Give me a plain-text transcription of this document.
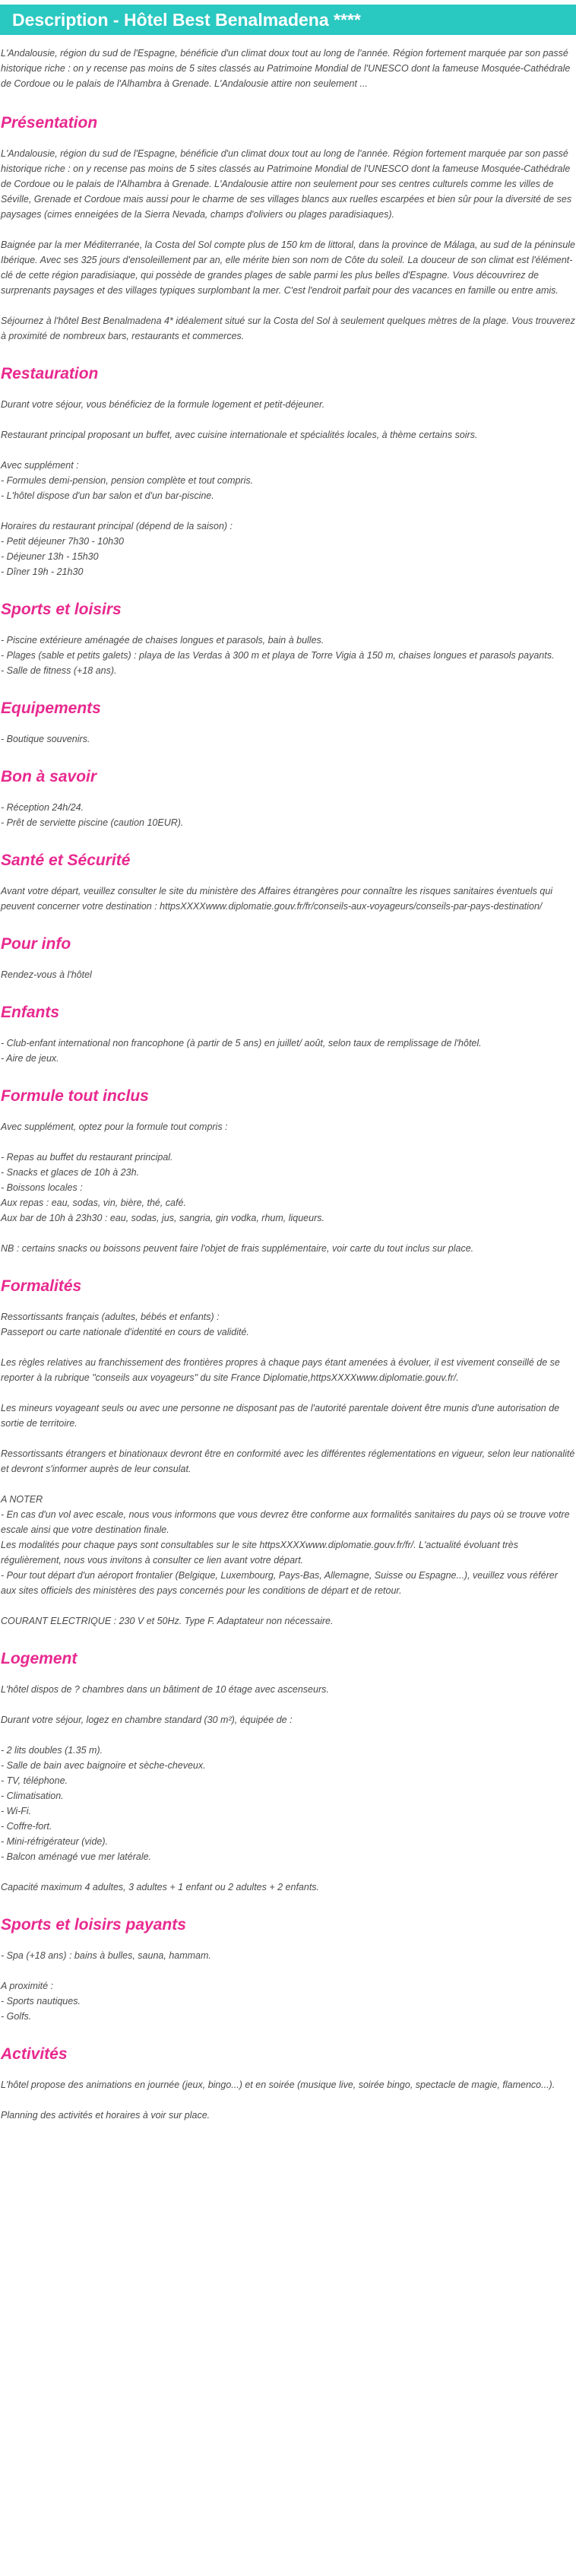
Description - Hôtel Best Benalmadena ****

L'Andalousie, région du sud de l'Espagne, bénéficie d'un climat doux tout au long de l'année. Région fortement marquée par son passé historique riche : on y recense pas moins de 5 sites classés au Patrimoine Mondial de l'UNESCO dont la fameuse Mosquée-Cathédrale de Cordoue ou le palais de l'Alhambra à Grenade. L'Andalousie attire non seulement ...

Présentation

L'Andalousie, région du sud de l'Espagne, bénéficie d'un climat doux tout au long de l'année. Région fortement marquée par son passé historique riche : on y recense pas moins de 5 sites classés au Patrimoine Mondial de l'UNESCO dont la fameuse Mosquée-Cathédrale de Cordoue ou le palais de l'Alhambra à Grenade. L'Andalousie attire non seulement pour ses centres culturels comme les villes de Séville, Grenade et Cordoue mais aussi pour le charme de ses villages blancs aux ruelles escarpées et bien sûr pour la diversité de ses paysages (cimes enneigées de la Sierra Nevada, champs d'oliviers ou plages paradisiaques).

Baignée par la mer Méditerranée, la Costa del Sol compte plus de 150 km de littoral, dans la province de Málaga, au sud de la péninsule Ibérique. Avec ses 325 jours d'ensoleillement par an, elle mérite bien son nom de Côte du soleil. La douceur de son climat est l'élément-clé de cette région paradisiaque, qui possède de grandes plages de sable parmi les plus belles d'Espagne. Vous découvrirez de surprenants paysages et des villages typiques surplombant la mer. C'est l'endroit parfait pour des vacances en famille ou entre amis.

Séjournez à l'hôtel Best Benalmadena 4* idéalement situé sur la Costa del Sol à seulement quelques mètres de la plage. Vous trouverez à proximité de nombreux bars, restaurants et commerces.

Restauration

Durant votre séjour, vous bénéficiez de la formule logement et petit-déjeuner.

Restaurant principal proposant un buffet, avec cuisine internationale et spécialités locales, à thème certains soirs.

Avec supplément :
- Formules demi-pension, pension complète et tout compris.
- L'hôtel dispose d'un bar salon et d'un bar-piscine.

Horaires du restaurant principal (dépend de la saison) :
- Petit déjeuner 7h30 - 10h30
- Déjeuner 13h - 15h30
- Dîner 19h - 21h30

Sports et loisirs

- Piscine extérieure aménagée de chaises longues et parasols, bain à bulles.
- Plages (sable et petits galets) : playa de las Verdas à 300 m et playa de Torre Vigia à 150 m, chaises longues et parasols payants.
- Salle de fitness (+18 ans).

Equipements

- Boutique souvenirs.

Bon à savoir

- Réception 24h/24.
- Prêt de serviette piscine (caution 10EUR).

Santé et Sécurité

Avant votre départ, veuillez consulter le site du ministère des Affaires étrangères pour connaître les risques sanitaires éventuels qui peuvent concerner votre destination : httpsXXXXwww.diplomatie.gouv.fr/fr/conseils-aux-voyageurs/conseils-par-pays-destination/

Pour info

Rendez-vous à l'hôtel

Enfants

- Club-enfant international non francophone (à partir de 5 ans) en juillet/ août, selon taux de remplissage de l'hôtel.
- Aire de jeux.

Formule tout inclus

Avec supplément, optez pour la formule tout compris :

- Repas au buffet du restaurant principal.
- Snacks et glaces de 10h à 23h.
- Boissons locales :
Aux repas : eau, sodas, vin, bière, thé, café.
Aux bar de 10h à 23h30 : eau, sodas, jus, sangria, gin vodka, rhum, liqueurs.

NB : certains snacks ou boissons peuvent faire l'objet de frais supplémentaire, voir carte du tout inclus sur place.

Formalités

Ressortissants français (adultes, bébés et enfants) :
Passeport ou carte nationale d'identité en cours de validité.

Les règles relatives au franchissement des frontières propres à chaque pays étant amenées à évoluer, il est vivement conseillé de se reporter à la rubrique "conseils aux voyageurs" du site France Diplomatie,httpsXXXXwww.diplomatie.gouv.fr/.

Les mineurs voyageant seuls ou avec une personne ne disposant pas de l'autorité parentale doivent être munis d'une autorisation de sortie de territoire.

Ressortissants étrangers et binationaux devront être en conformité avec les différentes réglementations en vigueur, selon leur nationalité et devront s'informer auprès de leur consulat.

A NOTER
- En cas d'un vol avec escale, nous vous informons que vous devrez être conforme aux formalités sanitaires du pays où se trouve votre escale ainsi que votre destination finale.
Les modalités pour chaque pays sont consultables sur le site httpsXXXXwww.diplomatie.gouv.fr/fr/. L'actualité évoluant très régulièrement, nous vous invitons à consulter ce lien avant votre départ.
- Pour tout départ d'un aéroport frontalier (Belgique, Luxembourg, Pays-Bas, Allemagne, Suisse ou Espagne...), veuillez vous référer aux sites officiels des ministères des pays concernés pour les conditions de départ et de retour.

COURANT ELECTRIQUE : 230 V et 50Hz. Type F. Adaptateur non nécessaire.

Logement

L'hôtel dispos de ? chambres dans un bâtiment de 10 étage avec ascenseurs.

Durant votre séjour, logez en chambre standard (30 m²), équipée de :

- 2 lits doubles (1.35 m).
- Salle de bain avec baignoire et sèche-cheveux.
- TV, téléphone.
- Climatisation.
- Wi-Fi.
- Coffre-fort.
- Mini-réfrigérateur (vide).
- Balcon aménagé vue mer latérale.

Capacité maximum 4 adultes, 3 adultes + 1 enfant ou 2 adultes + 2 enfants.

Sports et loisirs payants

- Spa (+18 ans) : bains à bulles, sauna, hammam.

A proximité :
- Sports nautiques.
- Golfs.

Activités

L'hôtel propose des animations en journée (jeux, bingo...) et en soirée (musique live, soirée bingo, spectacle de magie, flamenco...).

Planning des activités et horaires à voir sur place.
